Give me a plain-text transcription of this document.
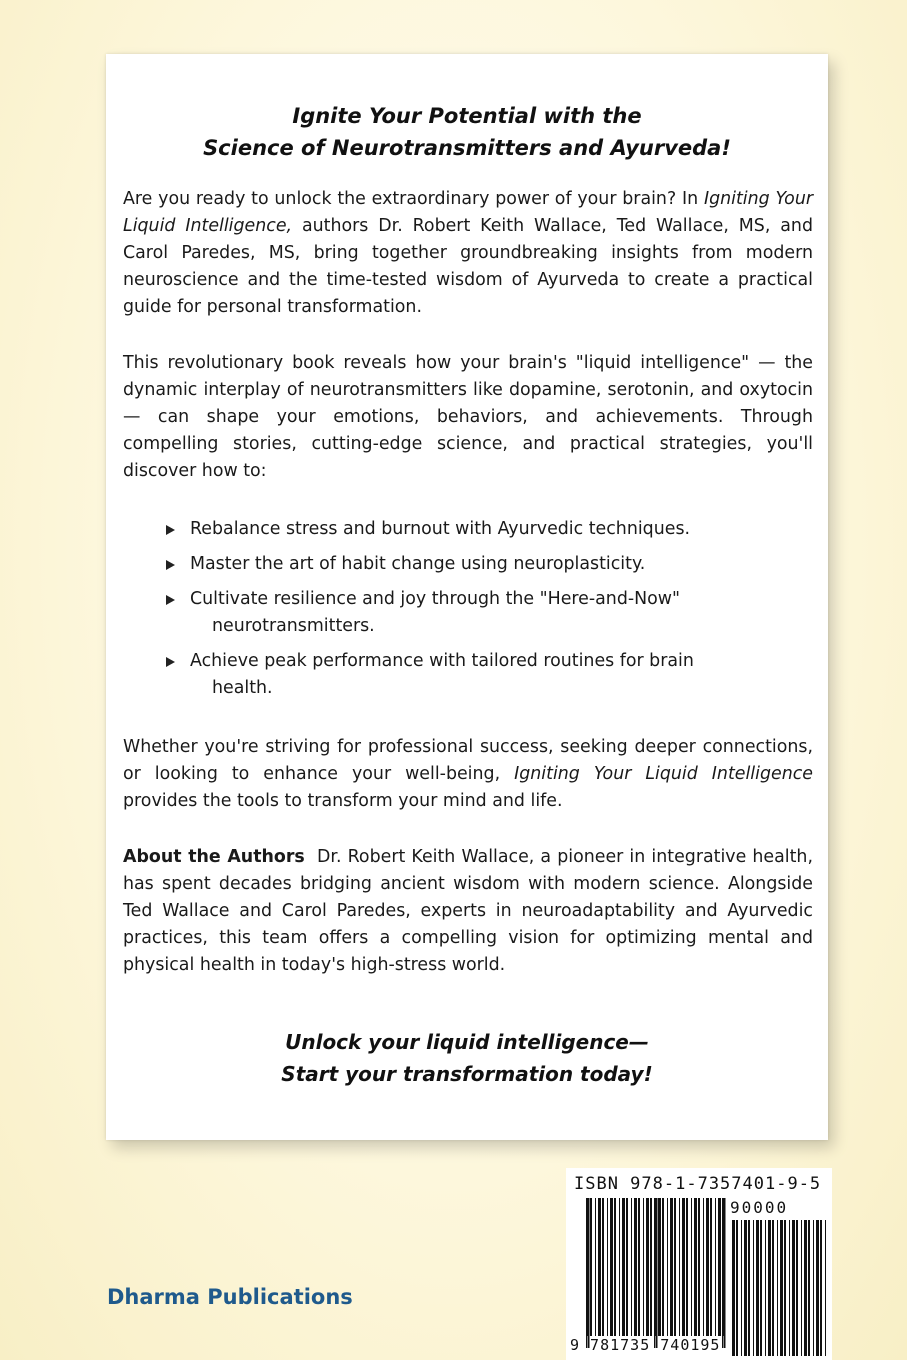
Ignite Your Potential with the
Science of Neurotransmitters and Ayurveda!
Are you ready to unlock the extraordinary power of your brain? In Igniting Your Liquid Intelligence, authors Dr. Robert Keith Wallace, Ted Wallace, MS, and Carol Paredes, MS, bring together groundbreaking insights from modern neuroscience and the time-tested wisdom of Ayurveda to create a practical guide for personal transformation.
This revolutionary book reveals how your brain's "liquid intelligence" — the dynamic interplay of neurotransmitters like dopamine, serotonin, and oxytocin — can shape your emotions, behaviors, and achievements. Through compelling stories, cutting-edge science, and practical strategies, you'll discover how to:
Rebalance stress and burnout with Ayurvedic techniques.
Master the art of habit change using neuroplasticity.
Cultivate resilience and joy through the "Here-and-Now"
neurotransmitters.
Achieve peak performance with tailored routines for brain
health.
Whether you're striving for professional success, seeking deeper connections, or looking to enhance your well-being, Igniting Your Liquid Intelligence provides the tools to transform your mind and life.
About the Authors Dr. Robert Keith Wallace, a pioneer in integrative health, has spent decades bridging ancient wisdom with modern science. Alongside Ted Wallace and Carol Paredes, experts in neuroadaptability and Ayurvedic practices, this team offers a compelling vision for optimizing mental and physical health in today's high-stress world.
Unlock your liquid intelligence—
Start your transformation today!
Dharma Publications
ISBN 978-1-7357401-9-5
90000
9 781735 740195
